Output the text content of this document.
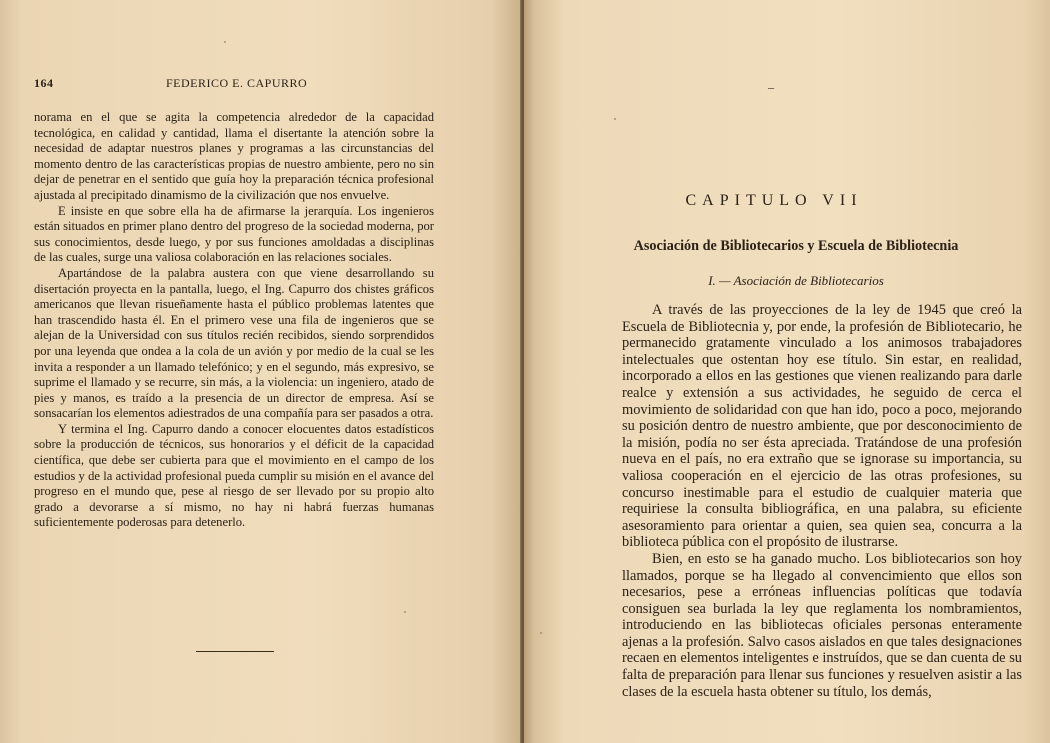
164	FEDERICO E. CAPURRO

norama en el que se agita la competencia alrededor de la capacidad tecnológica, en calidad y cantidad, llama el disertante la atención sobre la necesidad de adaptar nuestros planes y programas a las circunstancias del momento dentro de las características propias de nuestro ambiente, pero no sin dejar de penetrar en el sentido que guía hoy la preparación técnica profesional ajustada al precipitado dinamismo de la civilización que nos envuelve.

E insiste en que sobre ella ha de afirmarse la jerarquía. Los ingenieros están situados en primer plano dentro del progreso de la sociedad moderna, por sus conocimientos, desde luego, y por sus funciones amoldadas a disciplinas de las cuales, surge una valiosa colaboración en las relaciones sociales.

Apartándose de la palabra austera con que viene desarrollando su disertación proyecta en la pantalla, luego, el Ing. Capurro dos chistes gráficos americanos que llevan risueñamente hasta el público problemas latentes que han trascendido hasta él. En el primero vese una fila de ingenieros que se alejan de la Universidad con sus títulos recién recibidos, siendo sorprendidos por una leyenda que ondea a la cola de un avión y por medio de la cual se les invita a responder a un llamado telefónico; y en el segundo, más expresivo, se suprime el llamado y se recurre, sin más, a la violencia: un ingeniero, atado de pies y manos, es traído a la presencia de un director de empresa. Así se sonsacarían los elementos adiestrados de una compañía para ser pasados a otra.

Y termina el Ing. Capurro dando a conocer elocuentes datos estadísticos sobre la producción de técnicos, sus honorarios y el déficit de la capacidad científica, que debe ser cubierta para que el movimiento en el campo de los estudios y de la actividad profesional pueda cumplir su misión en el avance del progreso en el mundo que, pese al riesgo de ser llevado por su propio alto grado a devorarse a sí mismo, no hay ni habrá fuerzas humanas suficientemente poderosas para detenerlo.

–
CAPITULO VII
Asociación de Bibliotecarios y Escuela de Bibliotecnia
I. — Asociación de Bibliotecarios

A través de las proyecciones de la ley de 1945 que creó la Escuela de Bibliotecnia y, por ende, la profesión de Bibliotecario, he permanecido gratamente vinculado a los animosos trabajadores intelectuales que ostentan hoy ese título. Sin estar, en realidad, incorporado a ellos en las gestiones que vienen realizando para darle realce y extensión a sus actividades, he seguido de cerca el movimiento de solidaridad con que han ido, poco a poco, mejorando su posición dentro de nuestro ambiente, que por desconocimiento de la misión, podía no ser ésta apreciada. Tratándose de una profesión nueva en el país, no era extraño que se ignorase su importancia, su valiosa cooperación en el ejercicio de las otras profesiones, su concurso inestimable para el estudio de cualquier materia que requiriese la consulta bibliográfica, en una palabra, su eficiente asesoramiento para orientar a quien, sea quien sea, concurra a la biblioteca pública con el propósito de ilustrarse.

Bien, en esto se ha ganado mucho. Los bibliotecarios son hoy llamados, porque se ha llegado al convencimiento que ellos son necesarios, pese a erróneas influencias políticas que todavía consiguen sea burlada la ley que reglamenta los nombramientos, introduciendo en las bibliotecas oficiales personas enteramente ajenas a la profesión. Salvo casos aislados en que tales designaciones recaen en elementos inteligentes e instruídos, que se dan cuenta de su falta de preparación para llenar sus funciones y resuelven asistir a las clases de la escuela hasta obtener su título, los demás,
